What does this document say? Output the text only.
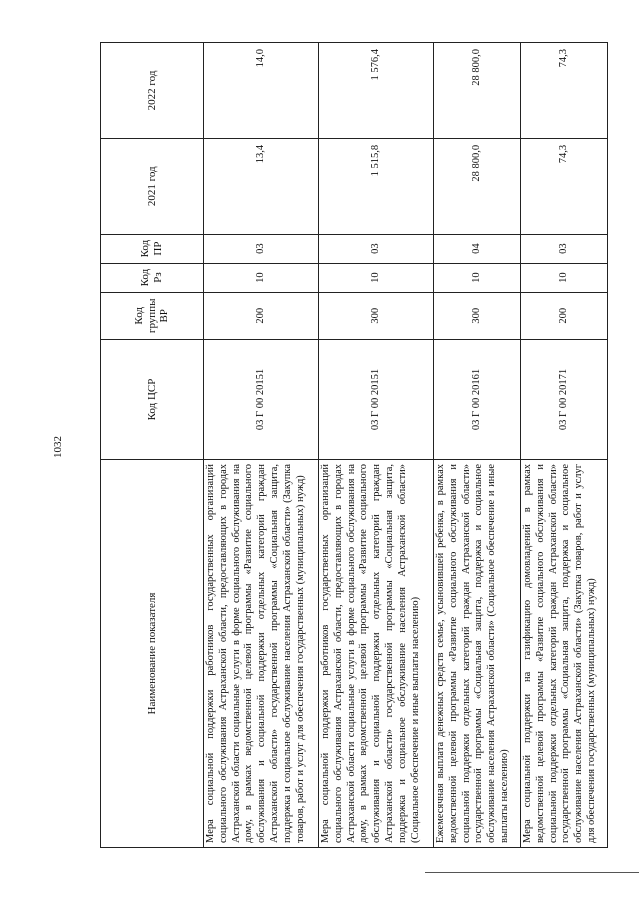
1032
Наименование показателя	Код ЦСР	Код группы ВР	Код Рз	Код ПР	2021 год	2022 год
Мера социальной поддержки работников государственных организаций социального обслуживания Астраханской области, предоставляющих в городах Астраханской области социальные услуги в форме социального обслуживания на дому, в рамках ведомственной целевой программы «Развитие социального обслуживания и социальной поддержки отдельных категорий граждан Астраханской области» государственной программы «Социальная защита, поддержка и социальное обслуживание населения Астраханской области» (Закупка товаров, работ и услуг для обеспечения государственных (муниципальных) нужд)	03 Г 00 20151	200	10	03	13,4	14,0
Мера социальной поддержки работников государственных организаций социального обслуживания Астраханской области, предоставляющих в городах Астраханской области социальные услуги в форме социального обслуживания на дому, в рамках ведомственной целевой программы «Развитие социального обслуживания и социальной поддержки отдельных категорий граждан Астраханской области» государственной программы «Социальная защита, поддержка и социальное обслуживание населения Астраханской области» (Социальное обеспечение и иные выплаты населению)	03 Г 00 20151	300	10	03	1 515,8	1 576,4
Ежемесячная выплата денежных средств семье, усыновившей ребенка, в рамках ведомственной целевой программы «Развитие социального обслуживания и социальной поддержки отдельных категорий граждан Астраханской области» государственной программы «Социальная защита, поддержка и социальное обслуживание населения Астраханской области» (Социальное обеспечение и иные выплаты населению)	03 Г 00 20161	300	10	04	28 800,0	28 800,0
Мера социальной поддержки на газификацию домовладений в рамках ведомственной целевой программы «Развитие социального обслуживания и социальной поддержки отдельных категорий граждан Астраханской области» государственной программы «Социальная защита, поддержка и социальное обслуживание населения Астраханской области» (Закупка товаров, работ и услуг для обеспечения государственных (муниципальных) нужд)	03 Г 00 20171	200	10	03	74,3	74,3
